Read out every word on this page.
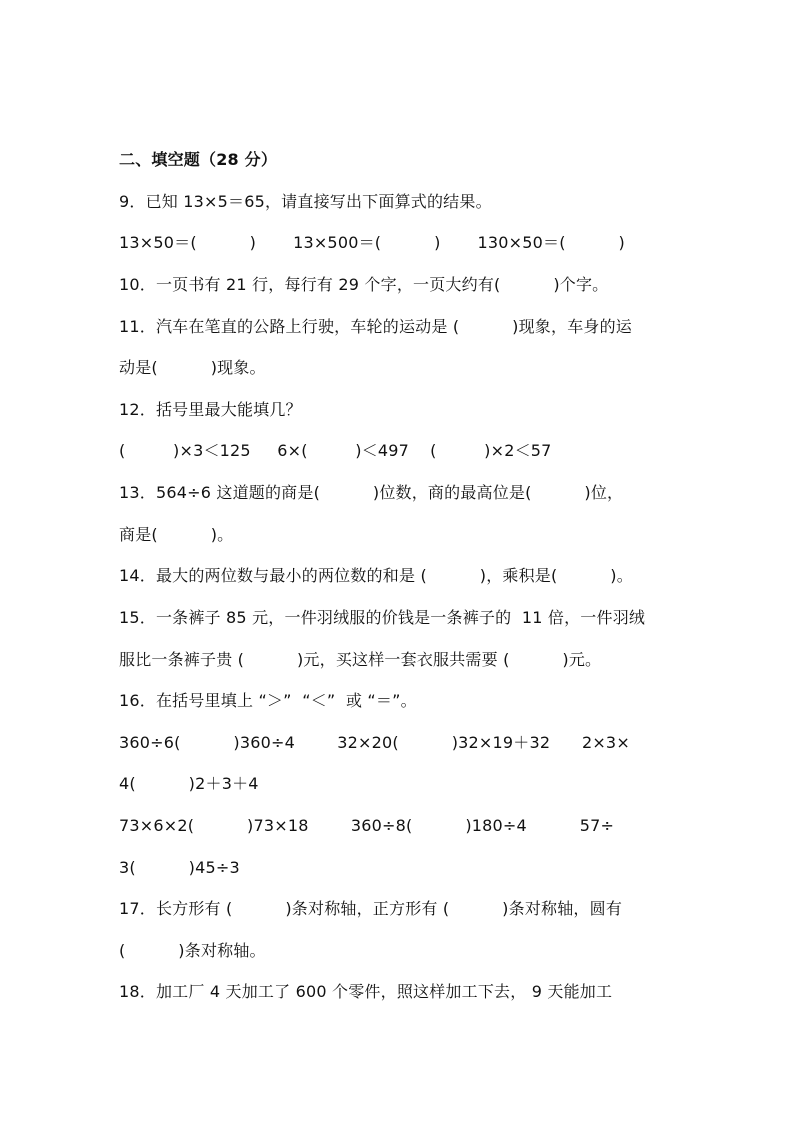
二、填空题（28 分）
9．已知 13×5＝65，请直接写出下面算式的结果。
13×50＝(          )       13×500＝(          )       130×50＝(          )
10．一页书有 21 行，每行有 29 个字，一页大约有(          )个字。
11．汽车在笔直的公路上行驶，车轮的运动是 (          )现象，车身的运
动是(          )现象。
12．括号里最大能填几？
(         )×3＜125     6×(         )＜497    (         )×2＜57
13．564÷6 这道题的商是(          )位数，商的最高位是(          )位，
商是(          )。
14．最大的两位数与最小的两位数的和是 (          )，乘积是(          )。
15．一条裤子 85 元，一件羽绒服的价钱是一条裤子的  11 倍，一件羽绒
服比一条裤子贵 (          )元，买这样一套衣服共需要 (          )元。
16．在括号里填上 “＞”  “＜”  或 “＝”。
360÷6(          )360÷4        32×20(          )32×19＋32      2×3×
4(          )2＋3＋4
73×6×2(          )73×18        360÷8(          )180÷4          57÷
3(          )45÷3
17．长方形有 (          )条对称轴，正方形有 (          )条对称轴，圆有
(          )条对称轴。
18．加工厂 4 天加工了 600 个零件，照这样加工下去， 9 天能加工
